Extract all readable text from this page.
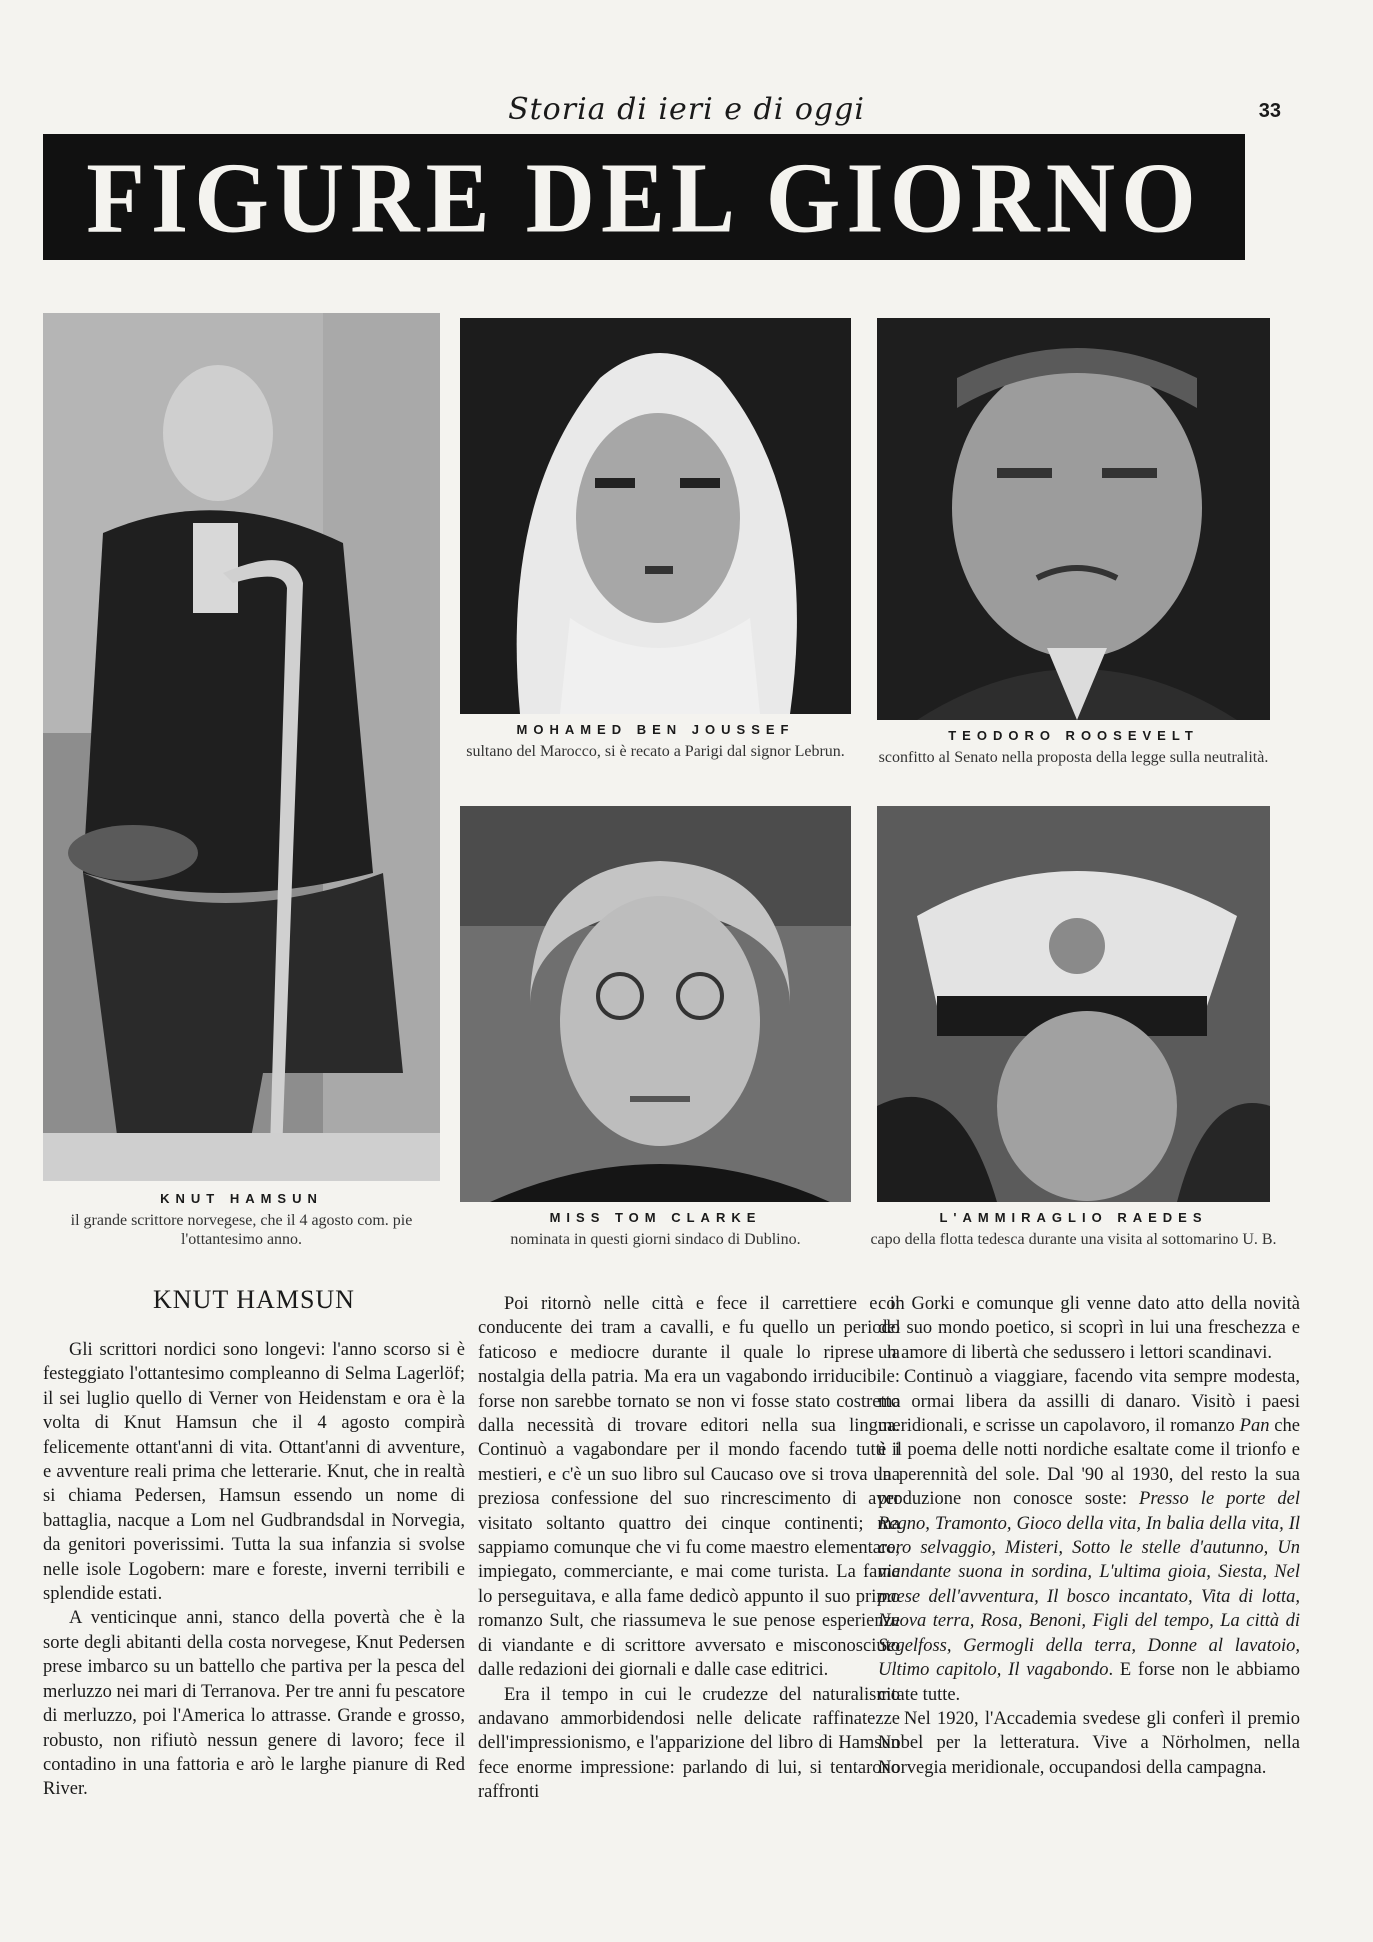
Storia di ieri e di oggi	33
FIGURE DEL GIORNO
KNUT HAMSUN
il grande scrittore norvegese, che il 4 agosto com. pie l'ottantesimo anno.
MOHAMED BEN JOUSSEF
sultano del Marocco, si è recato a Parigi dal signor Lebrun.
TEODORO ROOSEVELT
sconfitto al Senato nella proposta della legge sulla neutralità.
MISS TOM CLARKE
nominata in questi giorni sindaco di Dublino.
L'AMMIRAGLIO RAEDES
capo della flotta tedesca durante una visita al sottomarino U. B.
KNUT HAMSUN

Gli scrittori nordici sono longevi: l'anno scorso si è festeggiato l'ottantesimo compleanno di Selma Lagerlöf; il sei luglio quello di Verner von Heidenstam e ora è la volta di Knut Hamsun che il 4 agosto compirà felicemente ottant'anni di vita. Ottant'anni di avventure, e avventure reali prima che letterarie. Knut, che in realtà si chiama Pedersen, Hamsun essendo un nome di battaglia, nacque a Lom nel Gudbrandsdal in Norvegia, da genitori poverissimi. Tutta la sua infanzia si svolse nelle isole Logobern: mare e foreste, inverni terribili e splendide estati.

A venticinque anni, stanco della povertà che è la sorte degli abitanti della costa norvegese, Knut Pedersen prese imbarco su un battello che partiva per la pesca del merluzzo nei mari di Terranova. Per tre anni fu pescatore di merluzzo, poi l'America lo attrasse. Grande e grosso, robusto, non rifiutò nessun genere di lavoro; fece il contadino in una fattoria e arò le larghe pianure di Red River.

Poi ritornò nelle città e fece il carrettiere e il conducente dei tram a cavalli, e fu quello un periodo faticoso e mediocre durante il quale lo riprese la nostalgia della patria. Ma era un vagabondo irriducibile: forse non sarebbe tornato se non vi fosse stato costretto dalla necessità di trovare editori nella sua lingua. Continuò a vagabondare per il mondo facendo tutti i mestieri, e c'è un suo libro sul Caucaso ove si trova una preziosa confessione del suo rincrescimento di aver visitato soltanto quattro dei cinque continenti; ma sappiamo comunque che vi fu come maestro elementare, impiegato, commerciante, e mai come turista. La fame lo perseguitava, e alla fame dedicò appunto il suo primo romanzo Sult, che riassumeva le sue penose esperienze di viandante e di scrittore avversato e misconosciuto dalle redazioni dei giornali e dalle case editrici.

Era il tempo in cui le crudezze del naturalismo andavano ammorbidendosi nelle delicate raffinatezze dell'impressionismo, e l'apparizione del libro di Hamsun fece enorme impressione: parlando di lui, si tentarono raffronti

con Gorki e comunque gli venne dato atto della novità del suo mondo poetico, si scoprì in lui una freschezza e un amore di libertà che sedussero i lettori scandinavi.

Continuò a viaggiare, facendo vita sempre modesta, ma ormai libera da assilli di danaro. Visitò i paesi meridionali, e scrisse un capolavoro, il romanzo Pan che è il poema delle notti nordiche esaltate come il trionfo e la perennità del sole. Dal '90 al 1930, del resto la sua produzione non conosce soste: Presso le porte del Regno, Tramonto, Gioco della vita, In balia della vita, Il coro selvaggio, Misteri, Sotto le stelle d'autunno, Un viandante suona in sordina, L'ultima gioia, Siesta, Nel paese dell'avventura, Il bosco incantato, Vita di lotta, Nuova terra, Rosa, Benoni, Figli del tempo, La città di Segelfoss, Germogli della terra, Donne al lavatoio, Ultimo capitolo, Il vagabondo. E forse non le abbiamo citate tutte.

Nel 1920, l'Accademia svedese gli conferì il premio Nobel per la letteratura. Vive a Nörholmen, nella Norvegia meridionale, occupandosi della campagna.
